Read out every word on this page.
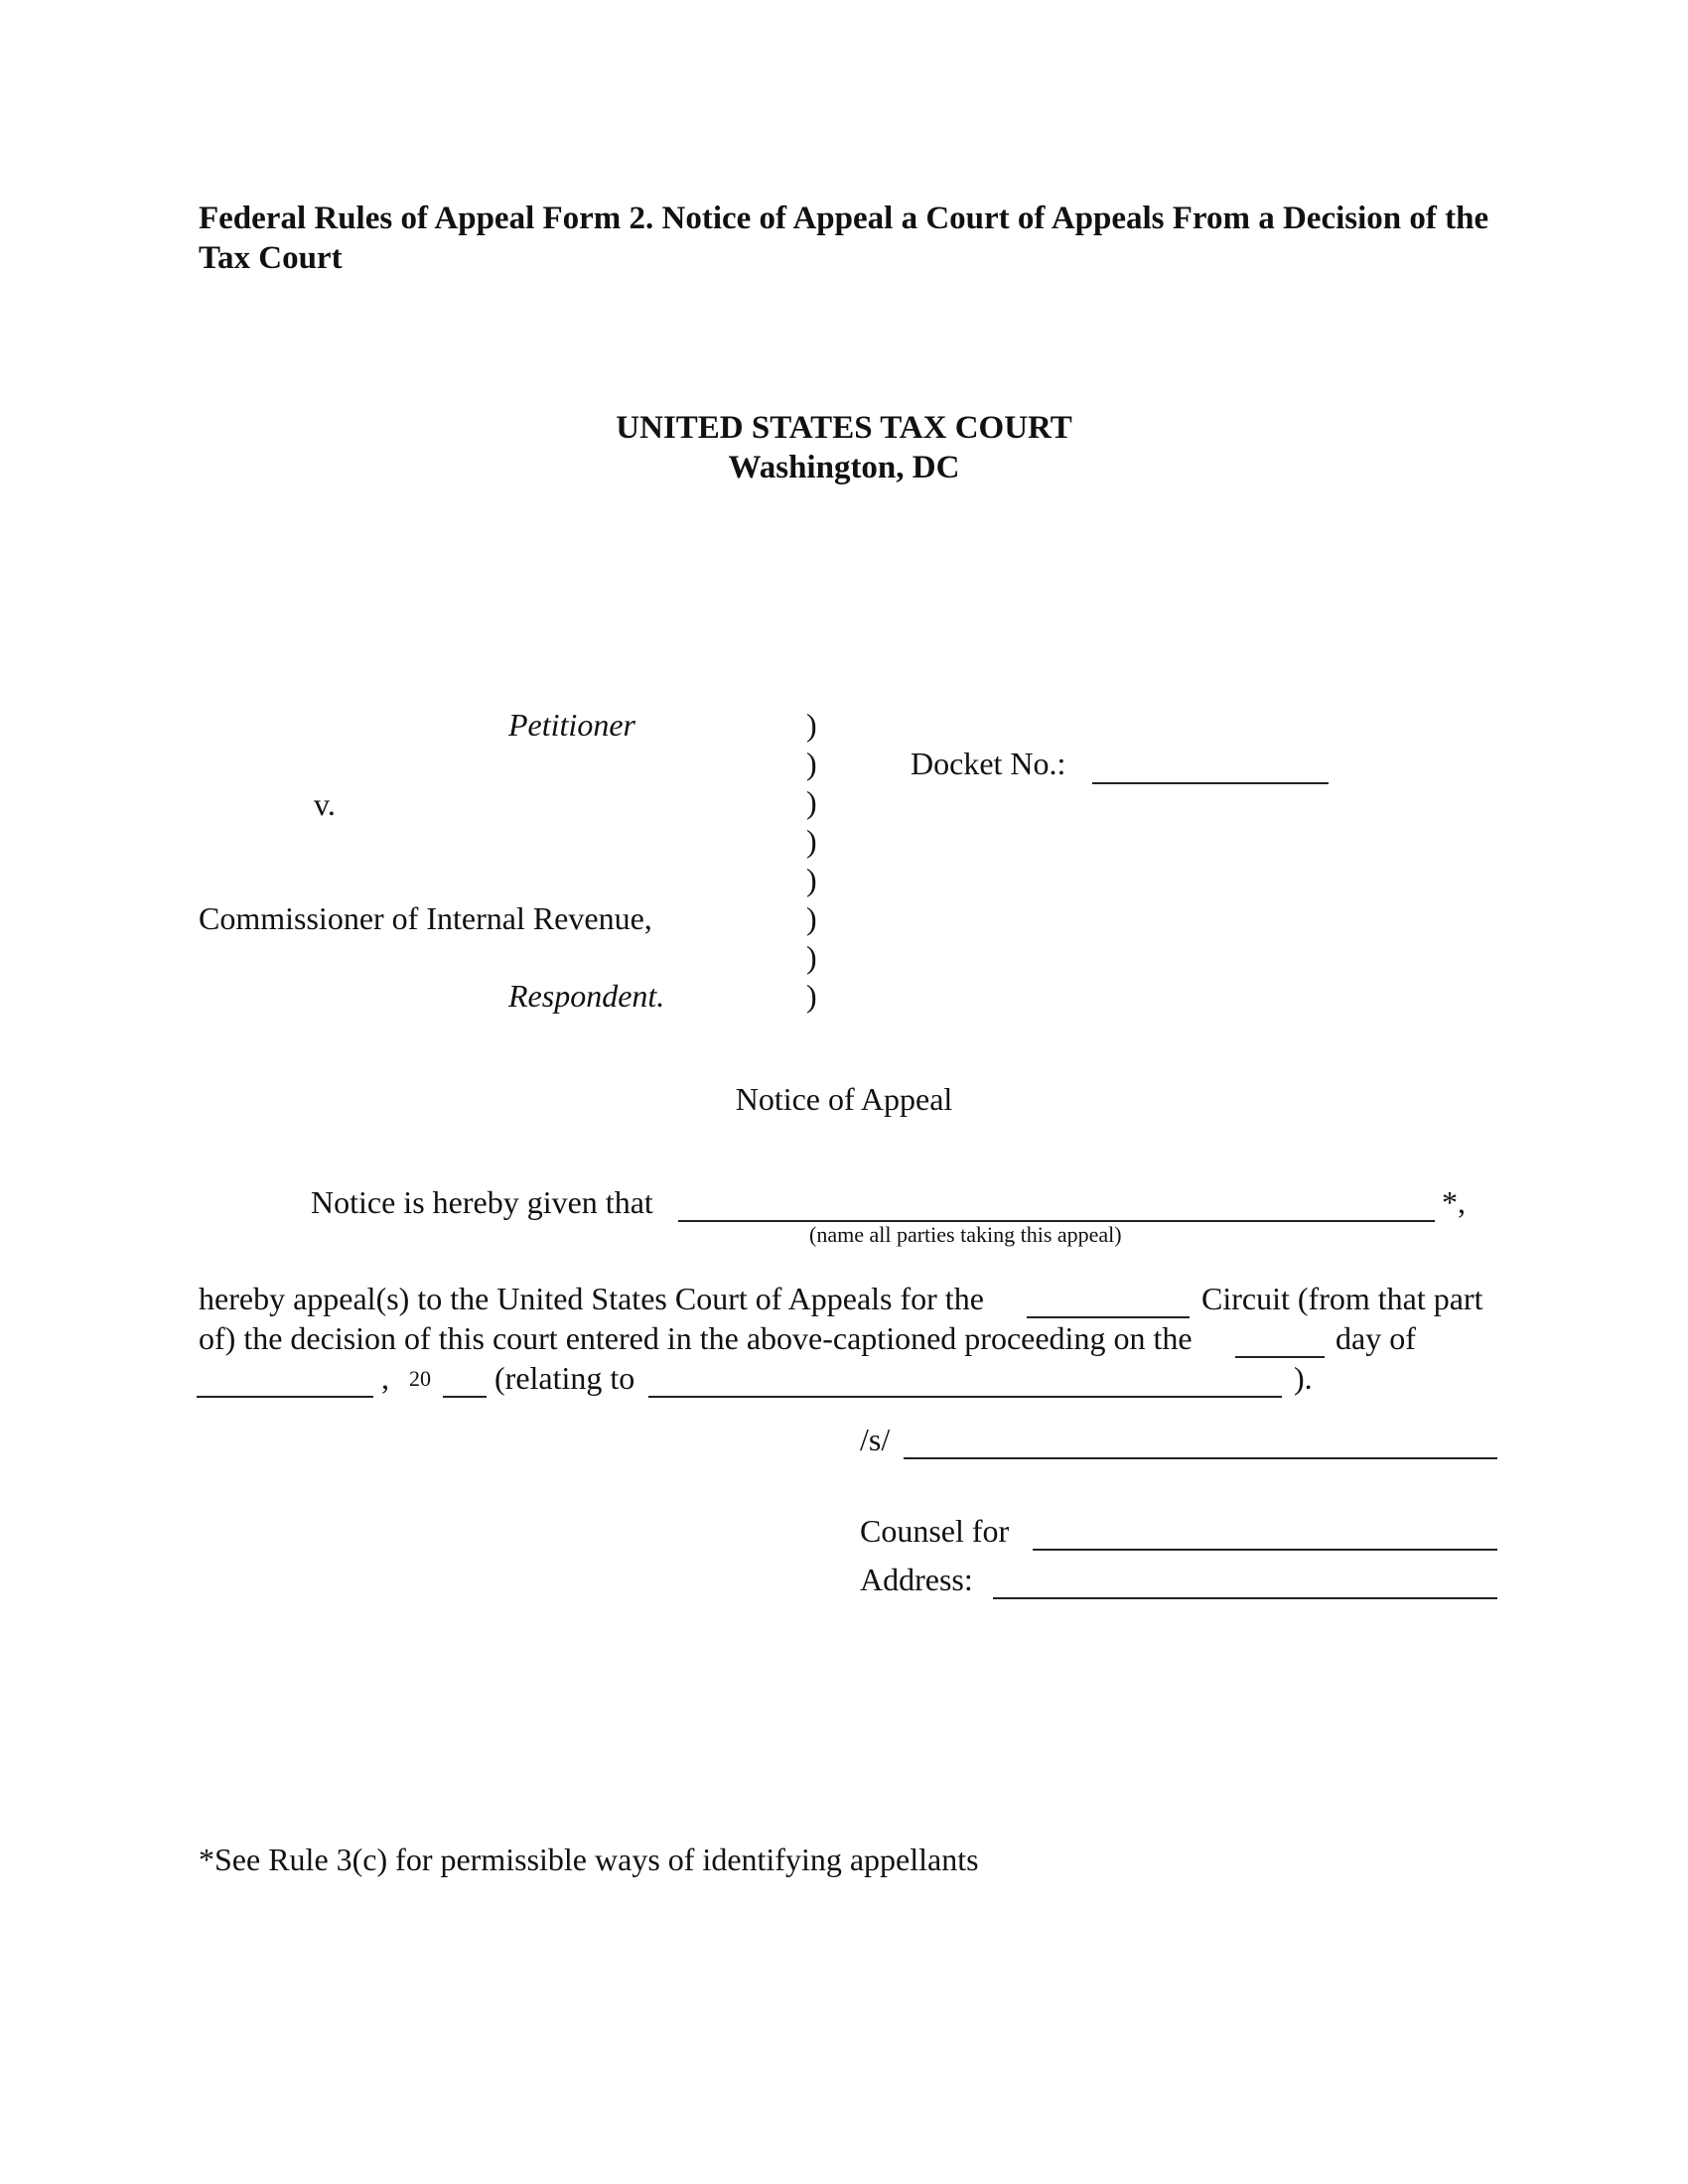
Federal Rules of Appeal Form 2. Notice of Appeal a Court of Appeals From a Decision of the Tax Court
UNITED STATES TAX COURT
Washington, DC
Petitioner
v.
Commissioner of Internal Revenue,
Respondent.
)
)
)
)
)
)
)
)
Docket No.:
Notice of Appeal
Notice is hereby given that	*,
(name all parties taking this appeal)
hereby appeal(s) to the United States Court of Appeals for the	Circuit (from that part
of) the decision of this court entered in the above-captioned proceeding on the	day of
, 20 (relating to	).
/s/
Counsel for
Address:
*See Rule 3(c) for permissible ways of identifying appellants
